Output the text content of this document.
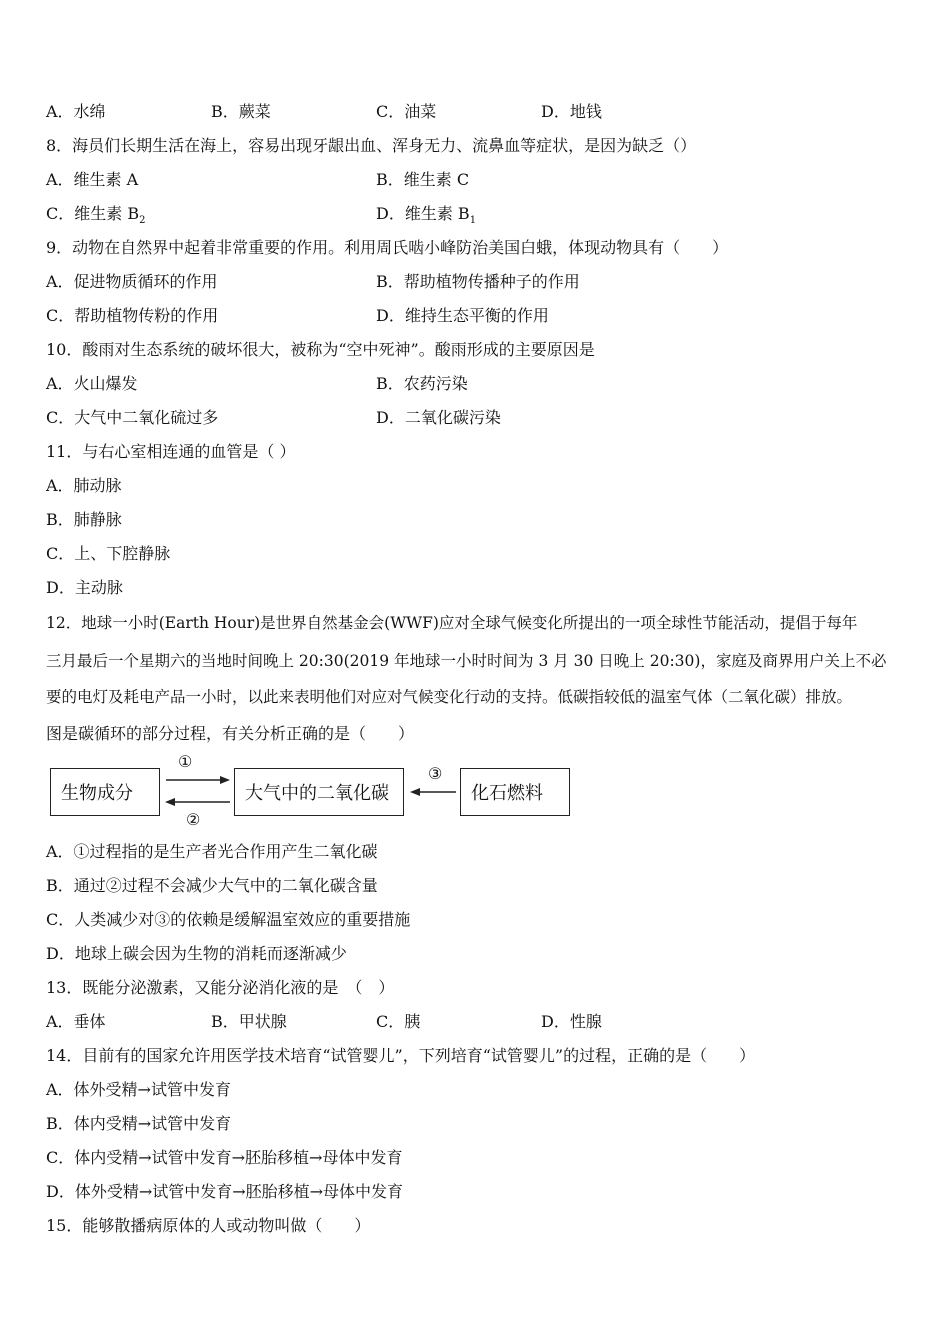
A．水绵	B．蕨菜	C．油菜	D．地钱
8．海员们长期生活在海上，容易出现牙龈出血、浑身无力、流鼻血等症状，是因为缺乏（）
A．维生素 A	B．维生素 C
C．维生素 $B_2$	D．维生素 $B_1$
9．动物在自然界中起着非常重要的作用。利用周氏啮小峰防治美国白蛾，体现动物具有（　　）
A．促进物质循环的作用	B．帮助植物传播种子的作用
C．帮助植物传粉的作用	D．维持生态平衡的作用
10．酸雨对生态系统的破坏很大，被称为“空中死神”。酸雨形成的主要原因是
A．火山爆发	B．农药污染
C．大气中二氧化硫过多	D．二氧化碳污染
11．与右心室相连通的血管是（ ）
A．肺动脉
B．肺静脉
C．上、下腔静脉
D．主动脉
12．地球一小时(Earth Hour)是世界自然基金会(WWF)应对全球气候变化所提出的一项全球性节能活动，提倡于每年
三月最后一个星期六的当地时间晚上 20:30(2019 年地球一小时时间为 3 月 30 日晚上 20:30)，家庭及商界用户关上不必
要的电灯及耗电产品一小时，以此来表明他们对应对气候变化行动的支持。低碳指较低的温室气体（二氧化碳）排放。
图是碳循环的部分过程，有关分析正确的是（　　）
生物成分	大气中的二氧化碳	化石燃料
①
②
③
A．①过程指的是生产者光合作用产生二氧化碳
B．通过②过程不会减少大气中的二氧化碳含量
C．人类减少对③的依赖是缓解温室效应的重要措施
D．地球上碳会因为生物的消耗而逐渐减少
13．既能分泌激素，又能分泌消化液的是　（　）
A．垂体	B．甲状腺	C．胰	D．性腺
14．目前有的国家允许用医学技术培育“试管婴儿”，下列培育“试管婴儿”的过程，正确的是（　　）
A．体外受精→试管中发育
B．体内受精→试管中发育
C．体内受精→试管中发育→胚胎移植→母体中发育
D．体外受精→试管中发育→胚胎移植→母体中发育
15．能够散播病原体的人或动物叫做（　　）
